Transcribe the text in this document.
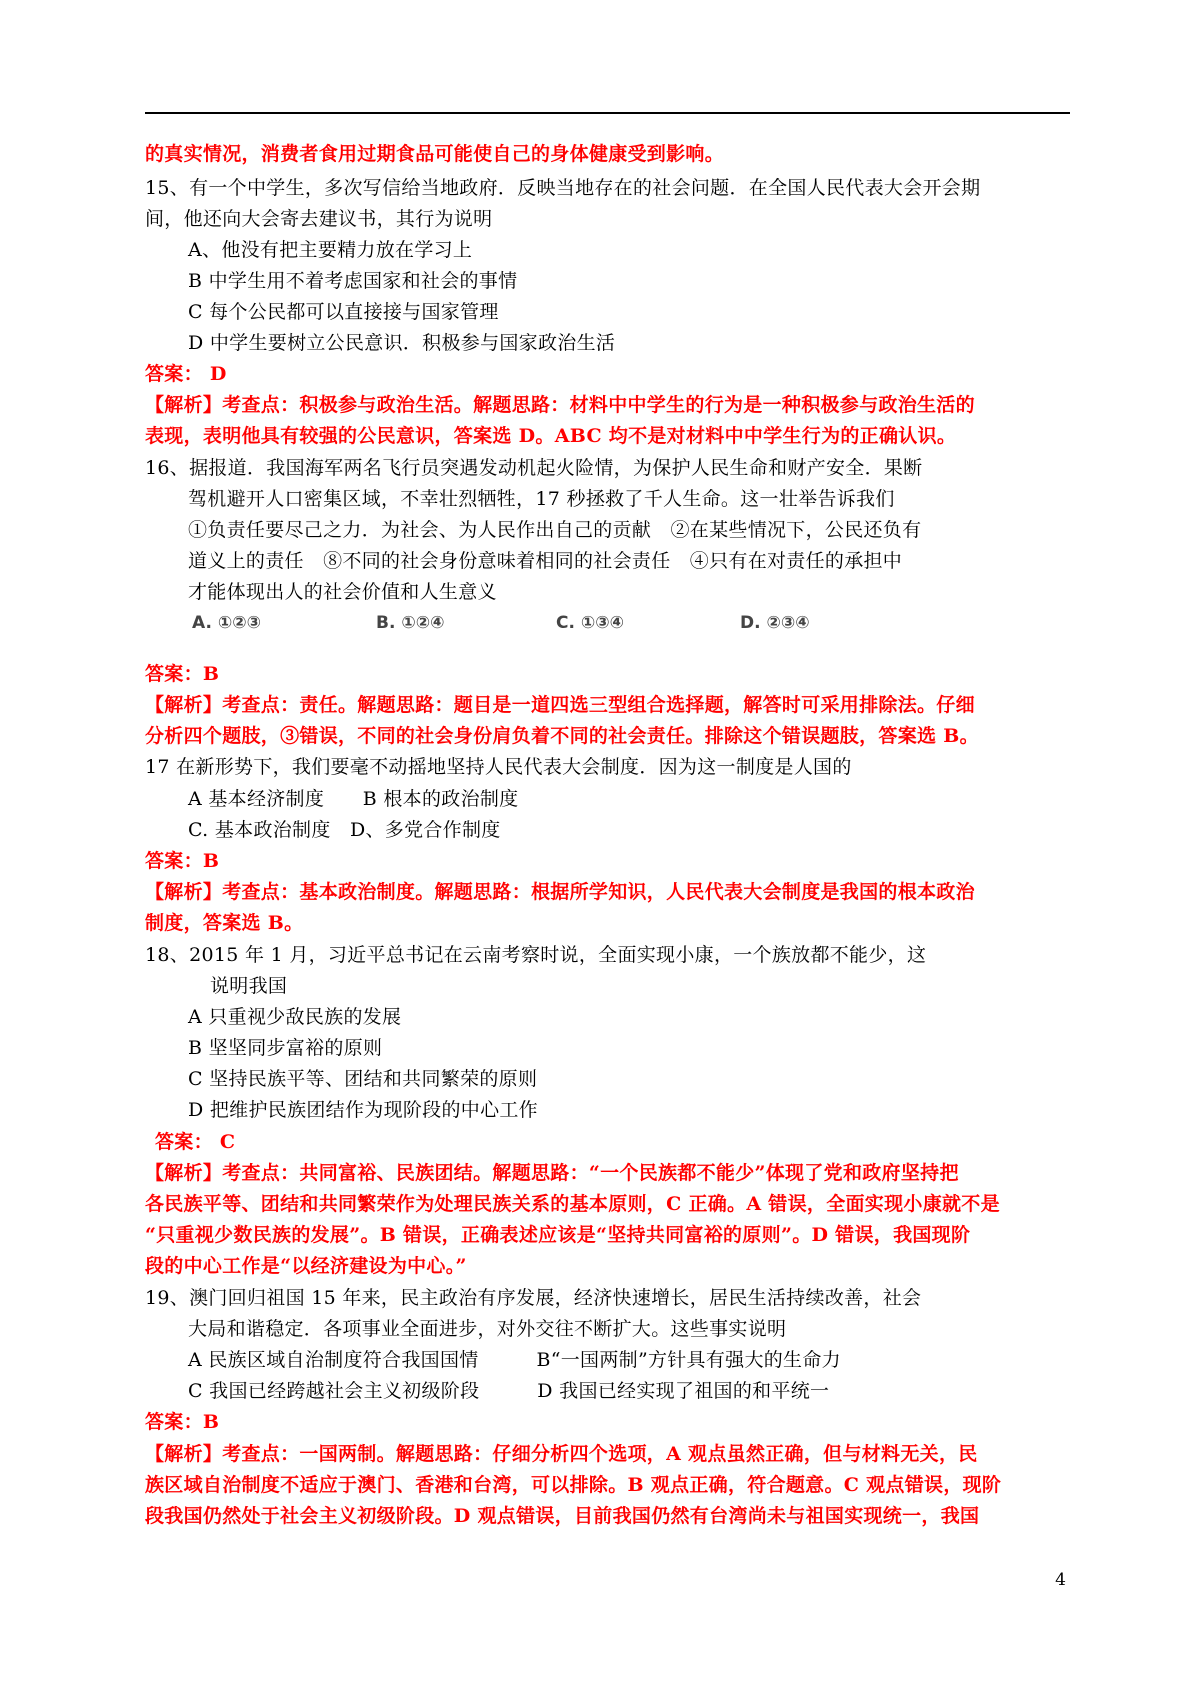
的真实情况，消费者食用过期食品可能使自己的身体健康受到影响。
15、有一个中学生，多次写信给当地政府．反映当地存在的社会问题．在全国人民代表大会开会期
间，他还向大会寄去建议书，其行为说明
A、他没有把主要精力放在学习上
B 中学生用不着考虑国家和社会的事情
C 每个公民都可以直接接与国家管理
D 中学生要树立公民意识．积极参与国家政治生活
答案： D
【解析】考查点：积极参与政治生活。解题思路：材料中中学生的行为是一种积极参与政治生活的
表现，表明他具有较强的公民意识，答案选 D。ABC 均不是对材料中中学生行为的正确认识。
16、据报道．我国海军两名飞行员突遇发动机起火险情，为保护人民生命和财产安全．果断
驾机避开人口密集区域，不幸壮烈牺牲，17 秒拯救了千人生命。这一壮举告诉我们
①负责任要尽己之力．为社会、为人民作出自己的贡献　②在某些情况下，公民还负有
道义上的责任　⑧不同的社会身份意味着相同的社会责任　④只有在对责任的承担中
才能体现出人的社会价值和人生意义
A. ①②③	B. ①②④	C. ①③④	D. ②③④
答案：B
【解析】考查点：责任。解题思路：题目是一道四选三型组合选择题，解答时可采用排除法。仔细
分析四个题肢，③错误，不同的社会身份肩负着不同的社会责任。排除这个错误题肢，答案选 B。
17 在新形势下，我们要毫不动摇地坚持人民代表大会制度．因为这一制度是人国的
A 基本经济制度　　B 根本的政治制度
C. 基本政治制度　D、多党合作制度
答案：B
【解析】考查点：基本政治制度。解题思路：根据所学知识，人民代表大会制度是我国的根本政治
制度，答案选 B。
18、2015 年 1 月，习近平总书记在云南考察时说，全面实现小康，一个族放都不能少，这
说明我国
A 只重视少敌民族的发展
B 坚坚同步富裕的原则
C 坚持民族平等、团结和共同繁荣的原则
D 把维护民族团结作为现阶段的中心工作
答案： C
【解析】考查点：共同富裕、民族团结。解题思路：“一个民族都不能少”体现了党和政府坚持把
各民族平等、团结和共同繁荣作为处理民族关系的基本原则，C 正确。A 错误，全面实现小康就不是
“只重视少数民族的发展”。B 错误，正确表述应该是“坚持共同富裕的原则”。D 错误，我国现阶
段的中心工作是“以经济建设为中心。”
19、澳门回归祖国 15 年来，民主政治有序发展，经济快速增长，居民生活持续改善，社会
大局和谐稳定．各项事业全面进步，对外交往不断扩大。这些事实说明
A 民族区域自治制度符合我国国情　　　B“一国两制”方针具有强大的生命力
C 我国已经跨越社会主义初级阶段　　　D 我国已经实现了祖国的和平统一
答案：B
【解析】考查点：一国两制。解题思路：仔细分析四个选项，A 观点虽然正确，但与材料无关，民
族区域自治制度不适应于澳门、香港和台湾，可以排除。B 观点正确，符合题意。C 观点错误，现阶
段我国仍然处于社会主义初级阶段。D 观点错误，目前我国仍然有台湾尚未与祖国实现统一，我国
4
